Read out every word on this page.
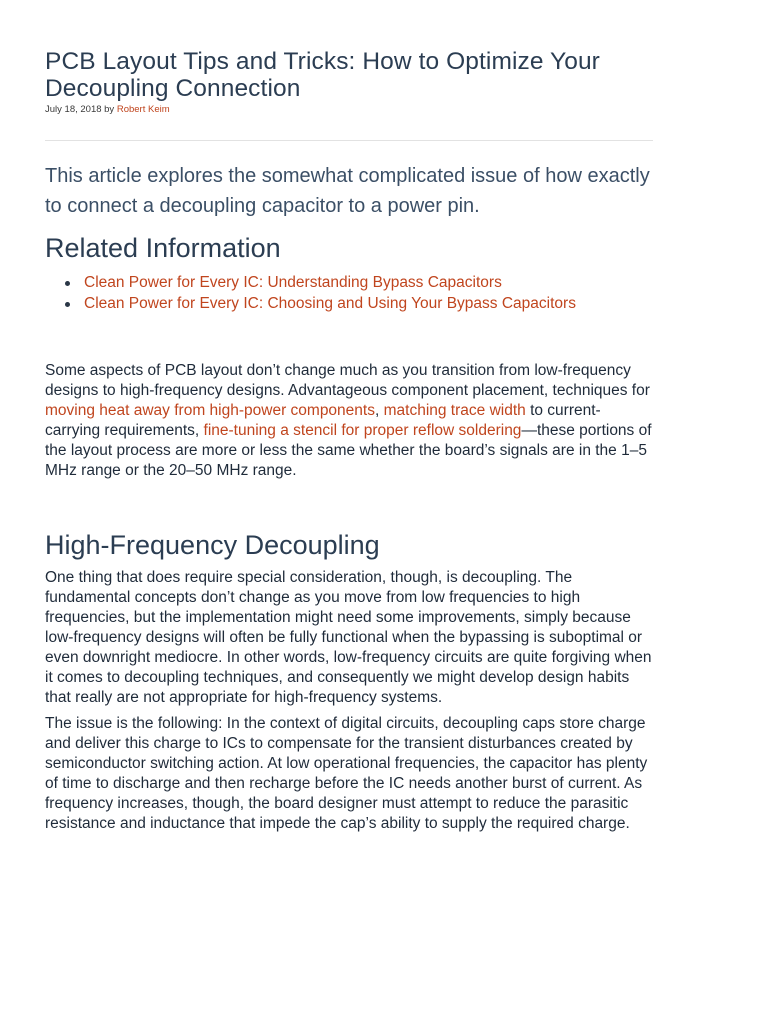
PCB Layout Tips and Tricks: How to Optimize Your Decoupling Connection
July 18, 2018 by Robert Keim

This article explores the somewhat complicated issue of how exactly to connect a decoupling capacitor to a power pin.

Related Information
Clean Power for Every IC: Understanding Bypass Capacitors
Clean Power for Every IC: Choosing and Using Your Bypass Capacitors

Some aspects of PCB layout don’t change much as you transition from low-frequency designs to high-frequency designs. Advantageous component placement, techniques for moving heat away from high-power components, matching trace width to current-carrying requirements, fine-tuning a stencil for proper reflow soldering—these portions of the layout process are more or less the same whether the board’s signals are in the 1–5 MHz range or the 20–50 MHz range.

High-Frequency Decoupling

One thing that does require special consideration, though, is decoupling. The fundamental concepts don’t change as you move from low frequencies to high frequencies, but the implementation might need some improvements, simply because low-frequency designs will often be fully functional when the bypassing is suboptimal or even downright mediocre. In other words, low-frequency circuits are quite forgiving when it comes to decoupling techniques, and consequently we might develop design habits that really are not appropriate for high-frequency systems.

The issue is the following: In the context of digital circuits, decoupling caps store charge and deliver this charge to ICs to compensate for the transient disturbances created by semiconductor switching action. At low operational frequencies, the capacitor has plenty of time to discharge and then recharge before the IC needs another burst of current. As frequency increases, though, the board designer must attempt to reduce the parasitic resistance and inductance that impede the cap’s ability to supply the required charge.
